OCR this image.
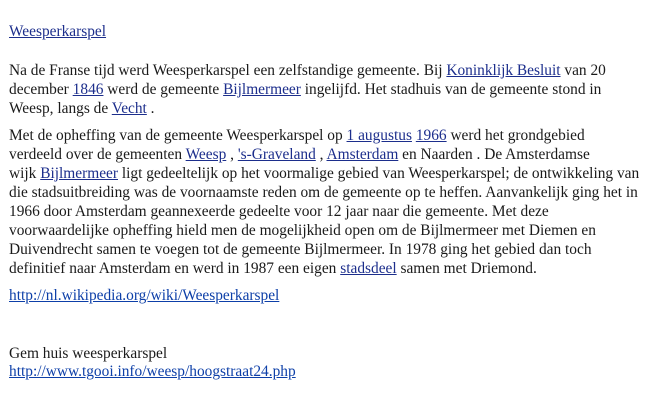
Weesperkarspel

Na de Franse tijd werd Weesperkarspel een zelfstandige gemeente. Bij Koninklijk Besluit van 20
december 1846 werd de gemeente Bijlmermeer ingelijfd. Het stadhuis van de gemeente stond in
Weesp, langs de Vecht .

Met de opheffing van de gemeente Weesperkarspel op 1 augustus 1966 werd het grondgebied
verdeeld over de gemeenten Weesp , 's-Graveland , Amsterdam en Naarden . De Amsterdamse
wijk Bijlmermeer ligt gedeeltelijk op het voormalige gebied van Weesperkarspel; de ontwikkeling van
die stadsuitbreiding was de voornaamste reden om de gemeente op te heffen. Aanvankelijk ging het in
1966 door Amsterdam geannexeerde gedeelte voor 12 jaar naar die gemeente. Met deze
voorwaardelijke opheffing hield men de mogelijkheid open om de Bijlmermeer met Diemen en
Duivendrecht samen te voegen tot de gemeente Bijlmermeer. In 1978 ging het gebied dan toch
definitief naar Amsterdam en werd in 1987 een eigen stadsdeel samen met Driemond.

http://nl.wikipedia.org/wiki/Weesperkarspel
Gem huis weesperkarspel
http://www.tgooi.info/weesp/hoogstraat24.php
